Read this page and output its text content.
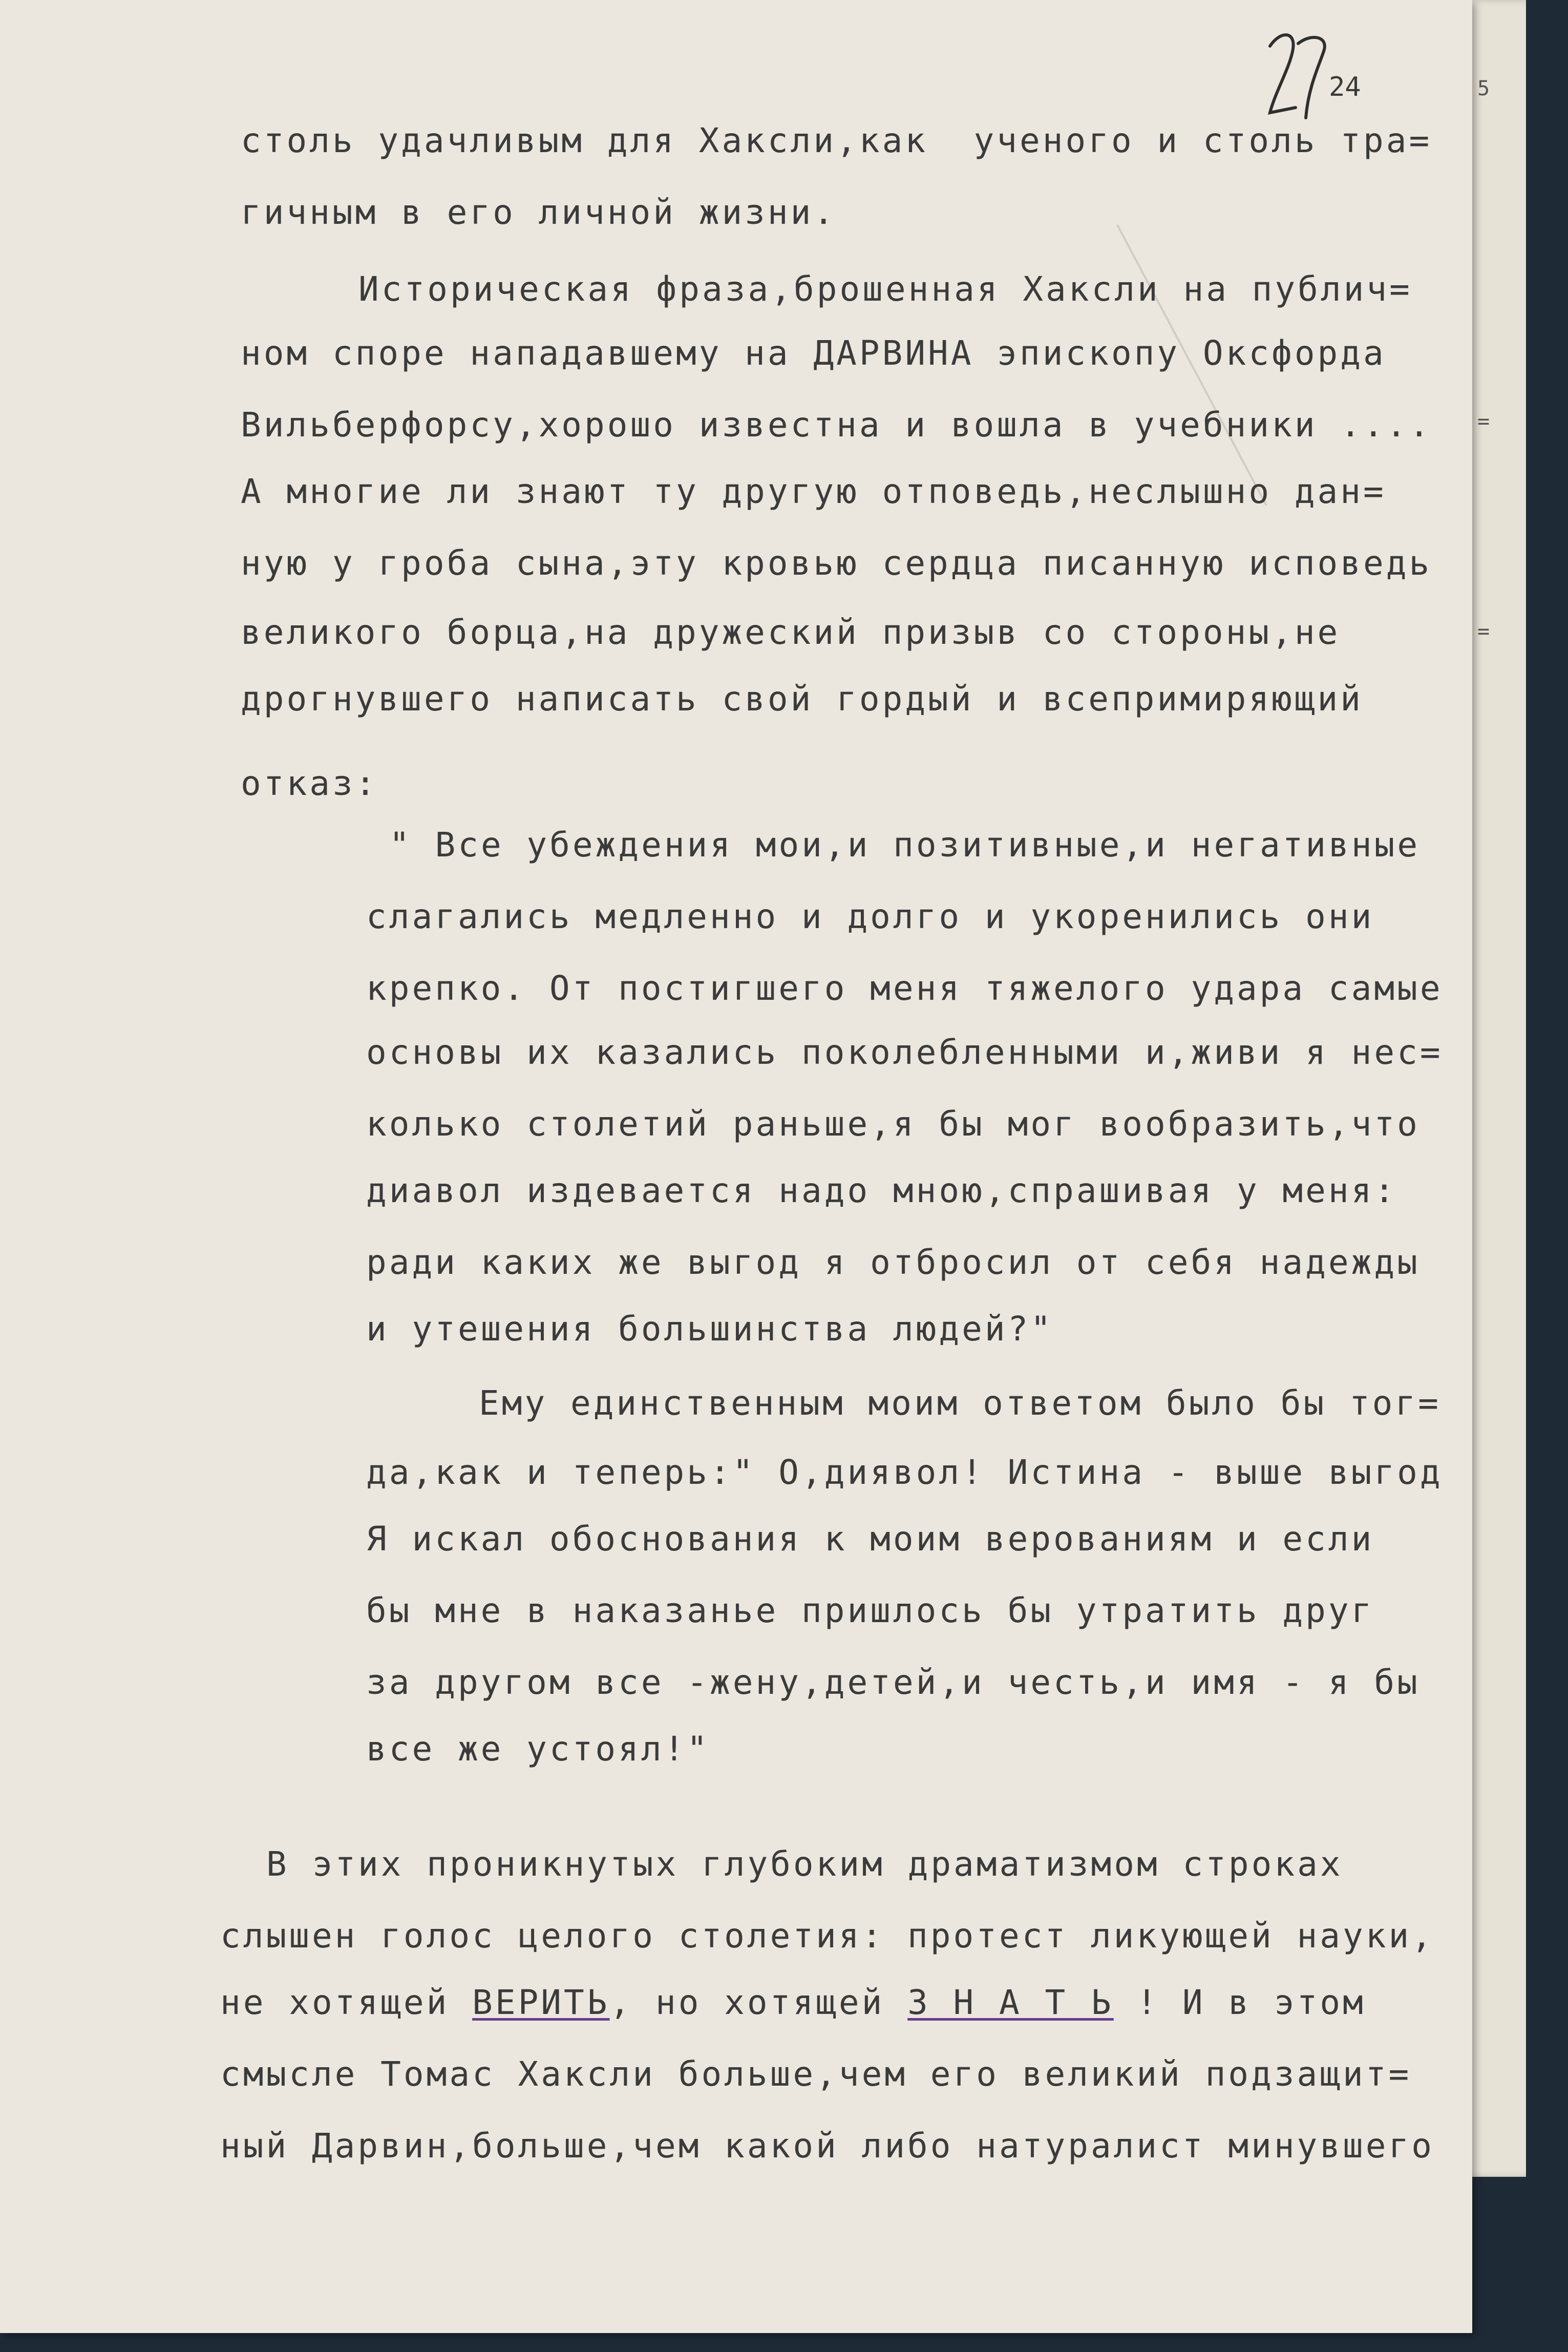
=
=
5
24
столь удачливым для Хаксли,как  ученого и столь тра=
гичным в его личной жизни.
Историческая фраза,брошенная Хаксли на публич=
ном споре нападавшему на ДАРВИНА эпископу Оксфорда
Вильберфорсу,хорошо известна и вошла в учебники ....
А многие ли знают ту другую отповедь,неслышно дан=
ную у гроба сына,эту кровью сердца писанную исповедь
великого борца,на дружеский призыв со стороны,не
дрогнувшего написать свой гордый и всепримиряющий
отказ:
" Все убеждения мои,и позитивные,и негативные
слагались медленно и долго и укоренились они
крепко. От постигшего меня тяжелого удара самые
основы их казались поколебленными и,живи я нес=
колько столетий раньше,я бы мог вообразить,что
диавол издевается надо мною,спрашивая у меня:
ради каких же выгод я отбросил от себя надежды
и утешения большинства людей?"
Ему единственным моим ответом было бы тог=
да,как и теперь:" О,диявол! Истина - выше выгод
Я искал обоснования к моим верованиям и если
бы мне в наказанье пришлось бы утратить друг
за другом все -жену,детей,и честь,и имя - я бы
все же устоял!"
В этих проникнутых глубоким драматизмом строках
слышен голос целого столетия: протест ликующей науки,
не хотящей ВЕРИТЬ, но хотящей З Н А Т Ь ! И в этом
смысле Томас Хаксли больше,чем его великий подзащит=
ный Дарвин,больше,чем какой либо натуралист минувшего
